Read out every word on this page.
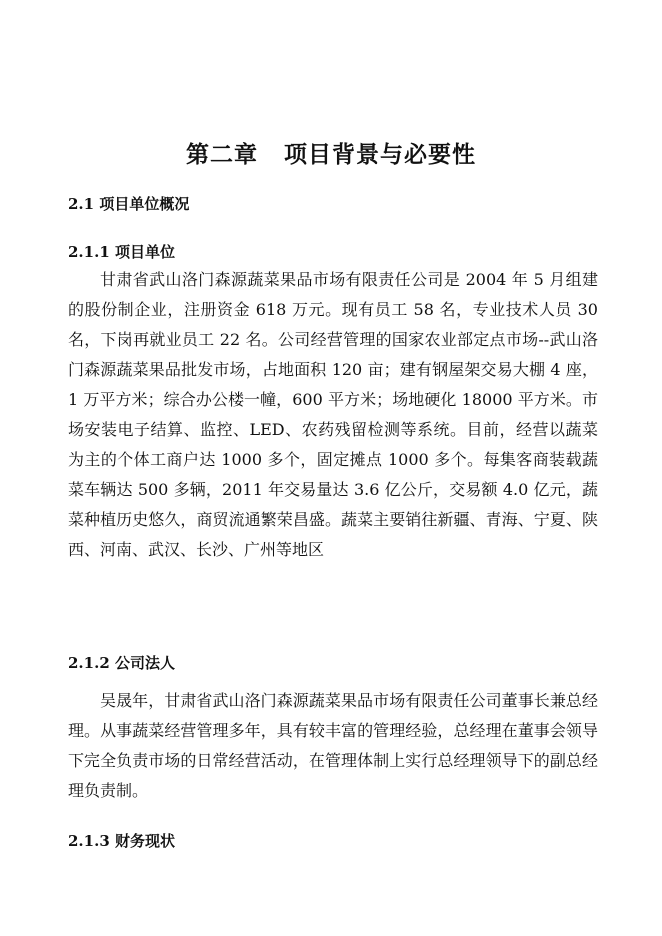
第二章 项目背景与必要性
2.1 项目单位概况
2.1.1 项目单位

甘肃省武山洛门森源蔬菜果品市场有限责任公司是 2004 年 5 月组建的股份制企业，注册资金 618 万元。现有员工 58 名，专业技术人员 30 名，下岗再就业员工 22 名。公司经营管理的国家农业部定点市场--武山洛门森源蔬菜果品批发市场，占地面积 120 亩；建有钢屋架交易大棚 4 座，1 万平方米；综合办公楼一幢，600 平方米；场地硬化 18000 平方米。市场安装电子结算、监控、LED、农药残留检测等系统。目前，经营以蔬菜为主的个体工商户达 1000 多个，固定摊点 1000 多个。每集客商装载蔬菜车辆达 500 多辆，2011 年交易量达 3.6 亿公斤，交易额 4.0 亿元，蔬菜种植历史悠久，商贸流通繁荣昌盛。蔬菜主要销往新疆、青海、宁夏、陕西、河南、武汉、长沙、广州等地区

2.1.2 公司法人

吴晟年，甘肃省武山洛门森源蔬菜果品市场有限责任公司董事长兼总经理。从事蔬菜经营管理多年，具有较丰富的管理经验，总经理在董事会领导下完全负责市场的日常经营活动，在管理体制上实行总经理领导下的副总经理负责制。

2.1.3 财务现状
